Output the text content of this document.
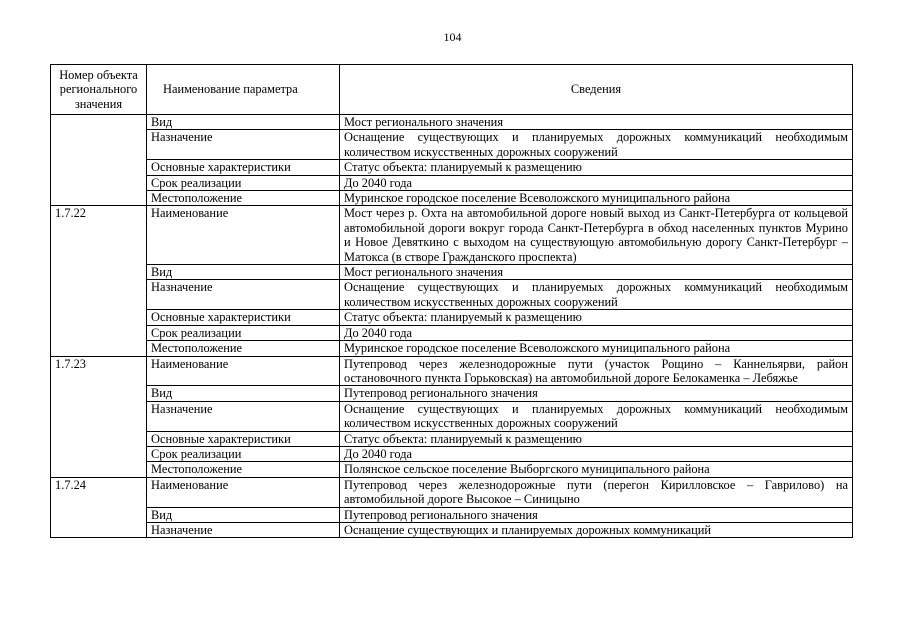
104
Номер объекта регионального значения	Наименование параметра	Сведения
	Вид	Мост регионального значения
	Назначение	Оснащение существующих и планируемых дорожных коммуникаций необходимым количеством искусственных дорожных сооружений
	Основные характеристики	Статус объекта: планируемый к размещению
	Срок реализации	До 2040 года
	Местоположение	Муринское городское поселение Всеволожского муниципального района
1.7.22	Наименование	Мост через р. Охта на автомобильной дороге новый выход из Санкт-Петербурга от кольцевой автомобильной дороги вокруг города Санкт-Петербурга в обход населенных пунктов Мурино и Новое Девяткино с выходом на существующую автомобильную дорогу Санкт-Петербург – Матокса (в створе Гражданского проспекта)
	Вид	Мост регионального значения
	Назначение	Оснащение существующих и планируемых дорожных коммуникаций необходимым количеством искусственных дорожных сооружений
	Основные характеристики	Статус объекта: планируемый к размещению
	Срок реализации	До 2040 года
	Местоположение	Муринское городское поселение Всеволожского муниципального района
1.7.23	Наименование	Путепровод через железнодорожные пути (участок Рощино – Каннельярви, район остановочного пункта Горьковская) на автомобильной дороге Белокаменка – Лебяжье
	Вид	Путепровод регионального значения
	Назначение	Оснащение существующих и планируемых дорожных коммуникаций необходимым количеством искусственных дорожных сооружений
	Основные характеристики	Статус объекта: планируемый к размещению
	Срок реализации	До 2040 года
	Местоположение	Полянское сельское поселение Выборгского муниципального района
1.7.24	Наименование	Путепровод через железнодорожные пути (перегон Кирилловское – Гаврилово) на автомобильной дороге Высокое – Синицыно
	Вид	Путепровод регионального значения
	Назначение	Оснащение существующих и планируемых дорожных коммуникаций
